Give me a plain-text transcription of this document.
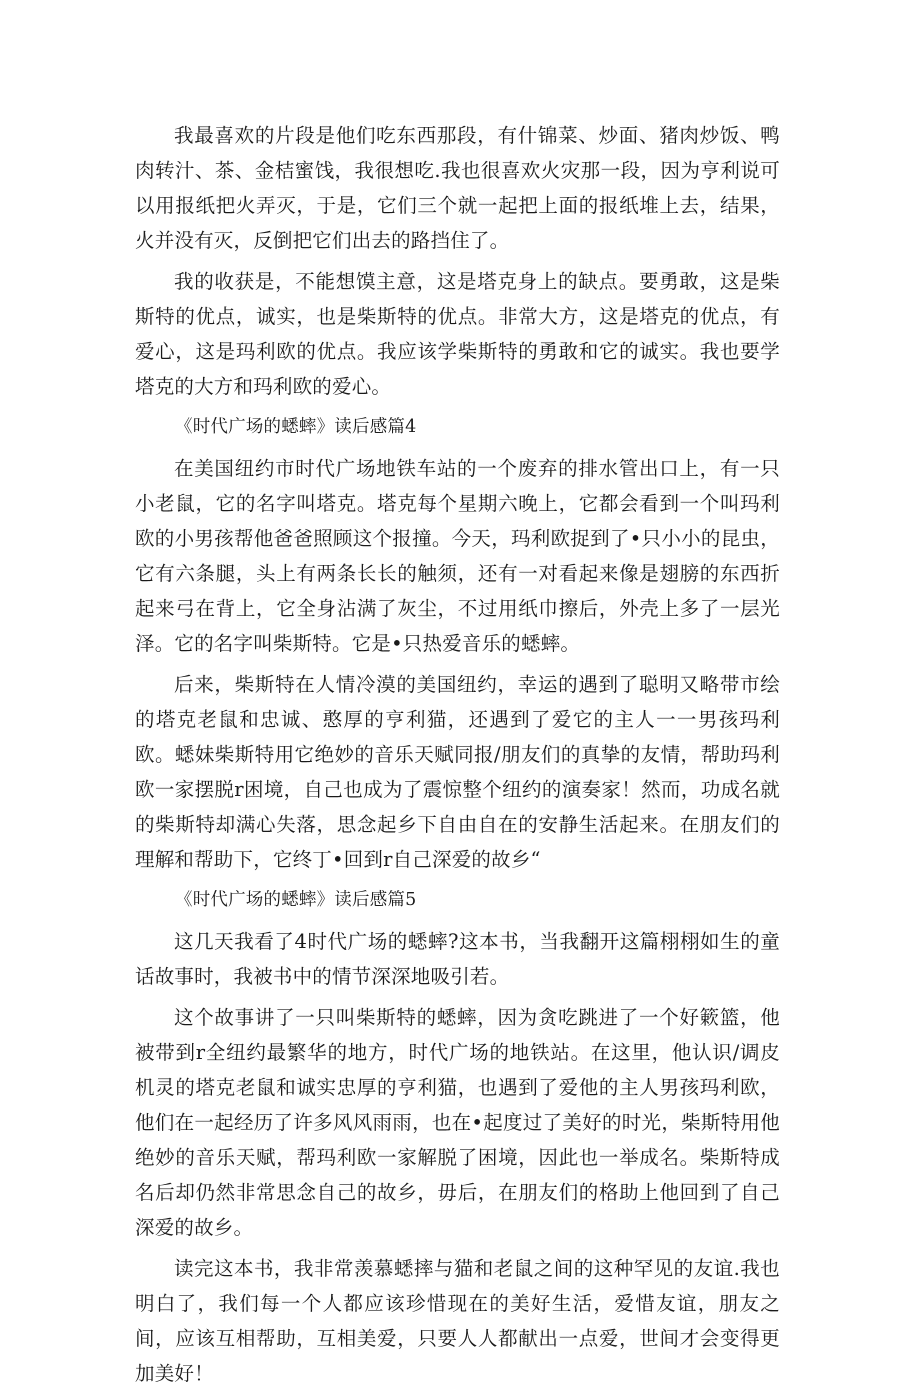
我最喜欢的片段是他们吃东西那段，有什锦菜、炒面、猪肉炒饭、鸭肉转汁、茶、金桔蜜饯，我很想吃.我也很喜欢火灾那一段，因为亨利说可以用报纸把火弄灭，于是，它们三个就一起把上面的报纸堆上去，结果，火并没有灭，反倒把它们出去的路挡住了。

我的收获是，不能想馍主意，这是塔克身上的缺点。要勇敢，这是柴斯特的优点，诚实，也是柴斯特的优点。非常大方，这是塔克的优点，有爱心，这是玛利欧的优点。我应该学柴斯特的勇敢和它的诚实。我也要学塔克的大方和玛利欧的爱心。

《时代广场的蟋蟀》读后感篇4

在美国纽约市时代广场地铁车站的一个废弃的排水管出口上，有一只小老鼠，它的名字叫塔克。塔克每个星期六晚上，它都会看到一个叫玛利欧的小男孩帮他爸爸照顾这个报撞。今天，玛利欧捉到了•只小小的昆虫，它有六条腿，头上有两条长长的触须，还有一对看起来像是翅膀的东西折起来弓在背上，它全身沾满了灰尘，不过用纸巾擦后，外壳上多了一层光泽。它的名字叫柴斯特。它是•只热爱音乐的蟋蟀。

后来，柴斯特在人情冷漠的美国纽约，幸运的遇到了聪明又略带市绘的塔克老鼠和忠诚、憨厚的亨利猫，还遇到了爱它的主人一一男孩玛利欧。蟋妹柴斯特用它绝妙的音乐天赋同报/朋友们的真挚的友情，帮助玛利欧一家摆脱r困境，自己也成为了震惊整个纽约的演奏家！然而，功成名就的柴斯特却满心失落，思念起乡下自由自在的安静生活起来。在朋友们的理解和帮助下，它终丁•回到r自己深爱的故乡“

《时代广场的蟋蟀》读后感篇5

这几天我看了4时代广场的蟋蟀?这本书，当我翻开这篇栩栩如生的童话故事时，我被书中的情节深深地吸引若。

这个故事讲了一只叫柴斯特的蟋蟀，因为贪吃跳进了一个好簌篮，他被带到r全纽约最繁华的地方，时代广场的地铁站。在这里，他认识/调皮机灵的塔克老鼠和诚实忠厚的亨利猫，也遇到了爱他的主人男孩玛利欧，他们在一起经历了许多风风雨雨，也在•起度过了美好的时光，柴斯特用他绝妙的音乐天赋，帮玛利欧一家解脱了困境，因此也一举成名。柴斯特成名后却仍然非常思念自己的故乡，毋后，在朋友们的格助上他回到了自己深爱的故乡。

读完这本书，我非常羡慕蟋摔与猫和老鼠之间的这种罕见的友谊.我也明白了，我们每一个人都应该珍惜现在的美好生活，爱惜友谊，朋友之间，应该互相帮助，互相美爱，只要人人都献出一点爱，世间才会变得更加美好！
